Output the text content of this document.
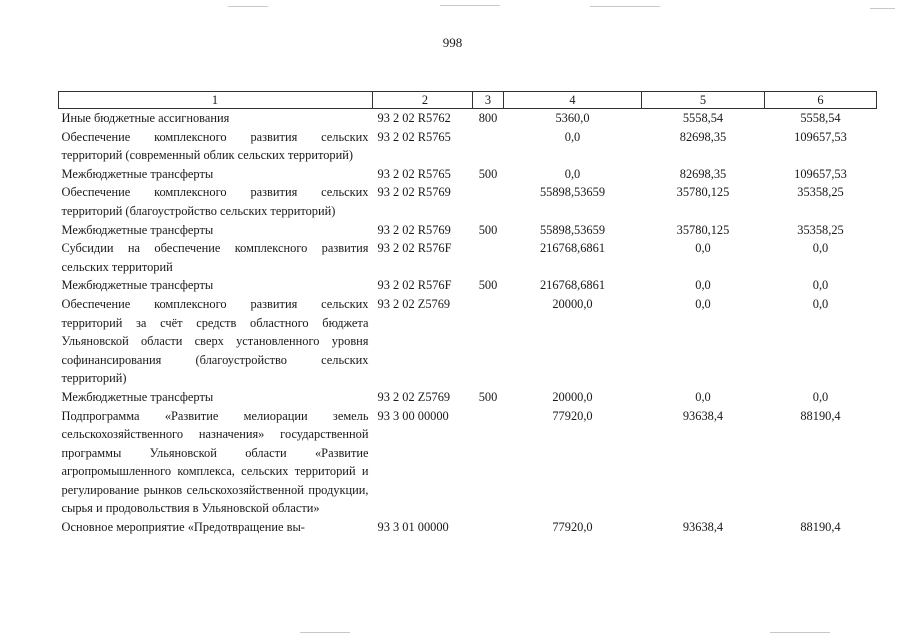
998
1	2	3	4	5	6
Иные бюджетные ассигнования	93 2 02 R5762	800	5360,0	5558,54	5558,54
Обеспечение комплексного развития сельских территорий (современный облик сельских территорий)	93 2 02 R5765		0,0	82698,35	109657,53
Межбюджетные трансферты	93 2 02 R5765	500	0,0	82698,35	109657,53
Обеспечение комплексного развития сельских территорий (благоустройство сельских территорий)	93 2 02 R5769		55898,53659	35780,125	35358,25
Межбюджетные трансферты	93 2 02 R5769	500	55898,53659	35780,125	35358,25
Субсидии на обеспечение комплексного развития сельских территорий	93 2 02 R576F		216768,6861	0,0	0,0
Межбюджетные трансферты	93 2 02 R576F	500	216768,6861	0,0	0,0
Обеспечение комплексного развития сельских территорий за счёт средств областного бюджета Ульяновской области сверх установленного уровня софинансирования (благоустройство сельских территорий)	93 2 02 Z5769		20000,0	0,0	0,0
Межбюджетные трансферты	93 2 02 Z5769	500	20000,0	0,0	0,0
Подпрограмма «Развитие мелиорации земель сельскохозяйственного назначения» государственной программы Ульяновской области «Развитие агропромышленного комплекса, сельских территорий и регулирование рынков сельскохозяйственной продукции, сырья и продовольствия в Ульяновской области»	93 3 00 00000		77920,0	93638,4	88190,4
Основное мероприятие «Предотвращение вы-	93 3 01 00000		77920,0	93638,4	88190,4
